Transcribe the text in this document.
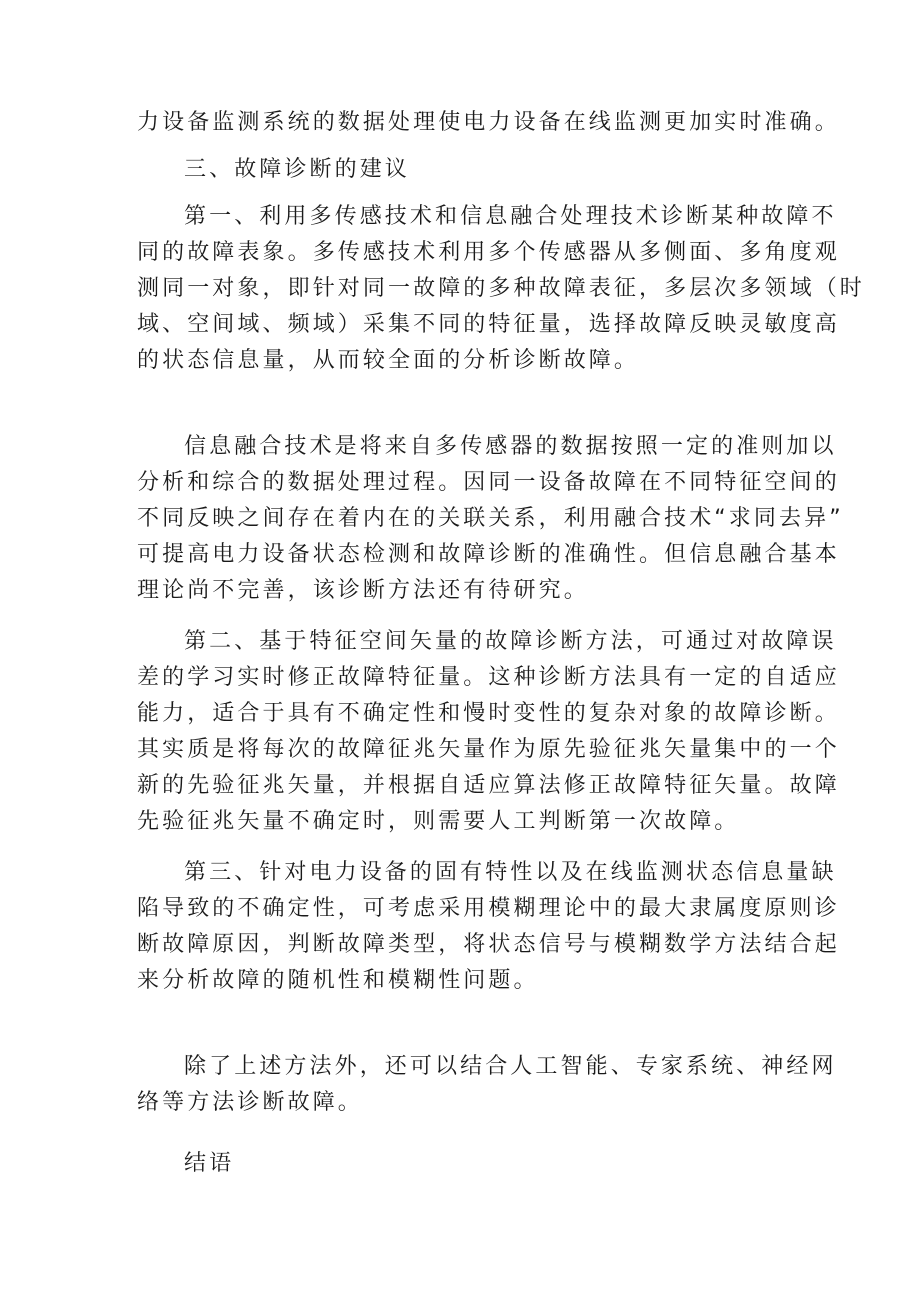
力设备监测系统的数据处理使电力设备在线监测更加实时准确。
三、故障诊断的建议
第一、利用多传感技术和信息融合处理技术诊断某种故障不
同的故障表象。多传感技术利用多个传感器从多侧面、多角度观
测同一对象，即针对同一故障的多种故障表征，多层次多领域（时
域、空间域、频域）采集不同的特征量，选择故障反映灵敏度高
的状态信息量，从而较全面的分析诊断故障。
信息融合技术是将来自多传感器的数据按照一定的准则加以
分析和综合的数据处理过程。因同一设备故障在不同特征空间的
不同反映之间存在着内在的关联关系，利用融合技术“求同去异”
可提高电力设备状态检测和故障诊断的准确性。但信息融合基本
理论尚不完善，该诊断方法还有待研究。
第二、基于特征空间矢量的故障诊断方法，可通过对故障误
差的学习实时修正故障特征量。这种诊断方法具有一定的自适应
能力，适合于具有不确定性和慢时变性的复杂对象的故障诊断。
其实质是将每次的故障征兆矢量作为原先验征兆矢量集中的一个
新的先验征兆矢量，并根据自适应算法修正故障特征矢量。故障
先验征兆矢量不确定时，则需要人工判断第一次故障。
第三、针对电力设备的固有特性以及在线监测状态信息量缺
陷导致的不确定性，可考虑采用模糊理论中的最大隶属度原则诊
断故障原因，判断故障类型，将状态信号与模糊数学方法结合起
来分析故障的随机性和模糊性问题。
除了上述方法外，还可以结合人工智能、专家系统、神经网
络等方法诊断故障。
结语
